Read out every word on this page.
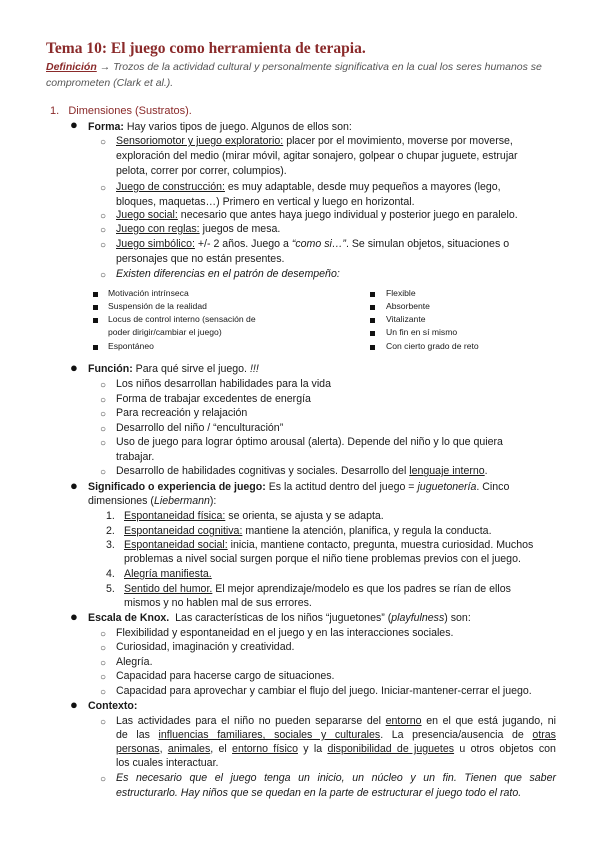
Tema 10: El juego como herramienta de terapia.
Definición → Trozos de la actividad cultural y personalmente significativa en la cual los seres humanos se comprometen (Clark et al.).
1. Dimensiones (Sustratos).
● Forma: Hay varios tipos de juego. Algunos de ellos son:
○ Sensoriomotor y juego exploratorio: placer por el movimiento, moverse por moverse,
exploración del medio (mirar móvil, agitar sonajero, golpear o chupar juguete, estrujar
pelota, correr por correr, columpios).
○ Juego de construcción: es muy adaptable, desde muy pequeños a mayores (lego,
bloques, maquetas…) Primero en vertical y luego en horizontal.
○ Juego social: necesario que antes haya juego individual y posterior juego en paralelo.
○ Juego con reglas: juegos de mesa.
○ Juego simbólico: +/- 2 años. Juego a “como si…”. Se simulan objetos, situaciones o
personajes que no están presentes.
○ Existen diferencias en el patrón de desempeño:
Motivación intrínseca
Suspensión de la realidad
Locus de control interno (sensación de
poder dirigir/cambiar el juego)
Espontáneo
Flexible
Absorbente
Vitalizante
Un fin en sí mismo
Con cierto grado de reto
● Función: Para qué sirve el juego. !!!
○ Los niños desarrollan habilidades para la vida
○ Forma de trabajar excedentes de energía
○ Para recreación y relajación
○ Desarrollo del niño / “enculturación”
○ Uso de juego para lograr óptimo arousal (alerta). Depende del niño y lo que quiera
trabajar.
○ Desarrollo de habilidades cognitivas y sociales. Desarrollo del lenguaje interno.
● Significado o experiencia de juego: Es la actitud dentro del juego = juguetonería. Cinco
dimensiones (Liebermann):
1. Espontaneidad física: se orienta, se ajusta y se adapta.
2. Espontaneidad cognitiva: mantiene la atención, planifica, y regula la conducta.
3. Espontaneidad social: inicia, mantiene contacto, pregunta, muestra curiosidad. Muchos
problemas a nivel social surgen porque el niño tiene problemas previos con el juego.
4. Alegría manifiesta.
5. Sentido del humor. El mejor aprendizaje/modelo es que los padres se rían de ellos
mismos y no hablen mal de sus errores.
● Escala de Knox. Las características de los niños “juguetones” (playfulness) son:
○ Flexibilidad y espontaneidad en el juego y en las interacciones sociales.
○ Curiosidad, imaginación y creatividad.
○ Alegría.
○ Capacidad para hacerse cargo de situaciones.
○ Capacidad para aprovechar y cambiar el flujo del juego. Iniciar-mantener-cerrar el juego.
● Contexto:
○ Las actividades para el niño no pueden separarse del entorno en el que está jugando, ni
de las influencias familiares, sociales y culturales. La presencia/ausencia de otras
personas, animales, el entorno físico y la disponibilidad de juguetes u otros objetos con
los cuales interactuar.
○ Es necesario que el juego tenga un inicio, un núcleo y un fin. Tienen que saber
estructurarlo. Hay niños que se quedan en la parte de estructurar el juego todo el rato.
